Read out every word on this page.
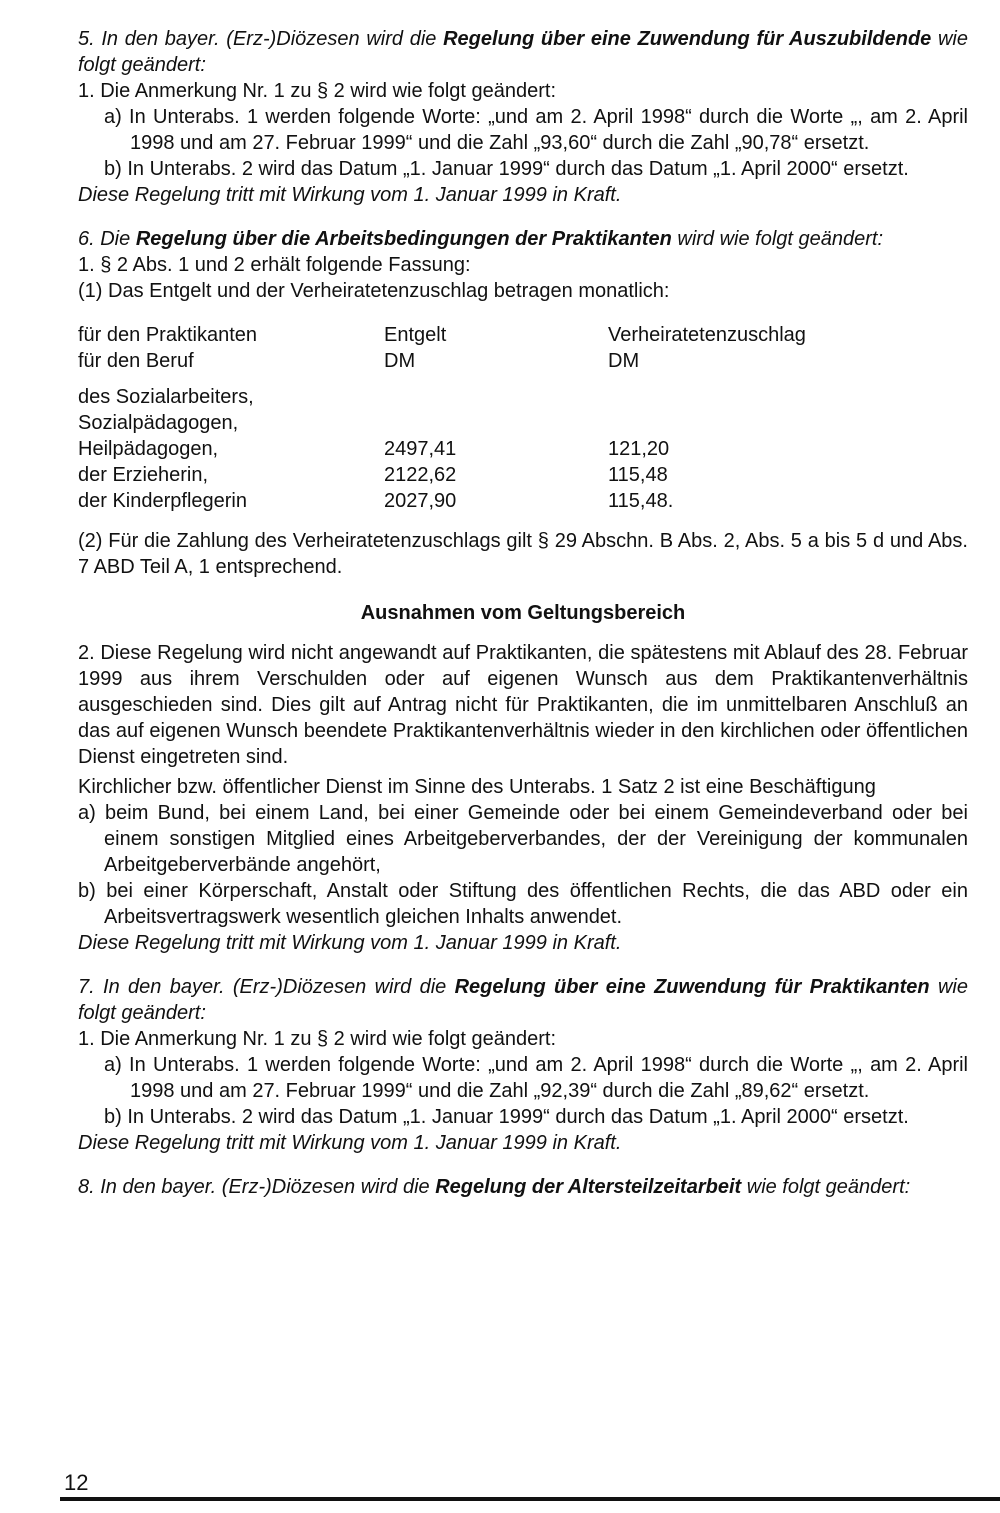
5. In den bayer. (Erz-)Diözesen wird die Regelung über eine Zuwendung für Auszubildende wie folgt geändert:

1. Die Anmerkung Nr. 1 zu § 2 wird wie folgt geändert:

a) In Unterabs. 1 werden folgende Worte: „und am 2. April 1998“ durch die Worte „, am 2. April 1998 und am 27. Februar 1999“ und die Zahl „93,60“ durch die Zahl „90,78“ ersetzt.

b) In Unterabs. 2 wird das Datum „1. Januar 1999“ durch das Datum „1. April 2000“ ersetzt.

Diese Regelung tritt mit Wirkung vom 1. Januar 1999 in Kraft.

6. Die Regelung über die Arbeitsbedingungen der Praktikanten wird wie folgt geändert:

1. § 2 Abs. 1 und 2 erhält folgende Fassung:

(1) Das Entgelt und der Verheiratetenzuschlag betragen monatlich:

für den Praktikanten	Entgelt	Verheiratetenzuschlag
für den Beruf	DM	DM

des Sozialarbeiters,		
Sozialpädagogen,		
Heilpädagogen,	2497,41	121,20
der Erzieherin,	2122,62	115,48
der Kinderpflegerin	2027,90	115,48.

(2) Für die Zahlung des Verheiratetenzuschlags gilt § 29 Abschn. B Abs. 2, Abs. 5 a bis 5 d und Abs. 7 ABD Teil A, 1 entsprechend.

Ausnahmen vom Geltungsbereich

2. Diese Regelung wird nicht angewandt auf Praktikanten, die spätestens mit Ablauf des 28. Februar 1999 aus ihrem Verschulden oder auf eigenen Wunsch aus dem Praktikantenverhältnis ausgeschieden sind. Dies gilt auf Antrag nicht für Praktikanten, die im unmittelbaren Anschluß an das auf eigenen Wunsch beendete Praktikantenverhältnis wieder in den kirchlichen oder öffentlichen Dienst eingetreten sind.

Kirchlicher bzw. öffentlicher Dienst im Sinne des Unterabs. 1 Satz 2 ist eine Beschäftigung

a) beim Bund, bei einem Land, bei einer Gemeinde oder bei einem Gemeindeverband oder bei einem sonstigen Mitglied eines Arbeitgeberverbandes, der der Vereinigung der kommunalen Arbeitgeberverbände angehört,

b) bei einer Körperschaft, Anstalt oder Stiftung des öffentlichen Rechts, die das ABD oder ein Arbeitsvertragswerk wesentlich gleichen Inhalts anwendet.

Diese Regelung tritt mit Wirkung vom 1. Januar 1999 in Kraft.

7. In den bayer. (Erz-)Diözesen wird die Regelung über eine Zuwendung für Praktikanten wie folgt geändert:

1. Die Anmerkung Nr. 1 zu § 2 wird wie folgt geändert:

a) In Unterabs. 1 werden folgende Worte: „und am 2. April 1998“ durch die Worte „, am 2. April 1998 und am 27. Februar 1999“ und die Zahl „92,39“ durch die Zahl „89,62“ ersetzt.

b) In Unterabs. 2 wird das Datum „1. Januar 1999“ durch das Datum „1. April 2000“ ersetzt.

Diese Regelung tritt mit Wirkung vom 1. Januar 1999 in Kraft.

8. In den bayer. (Erz-)Diözesen wird die Regelung der Altersteilzeitarbeit wie folgt geändert:

12
